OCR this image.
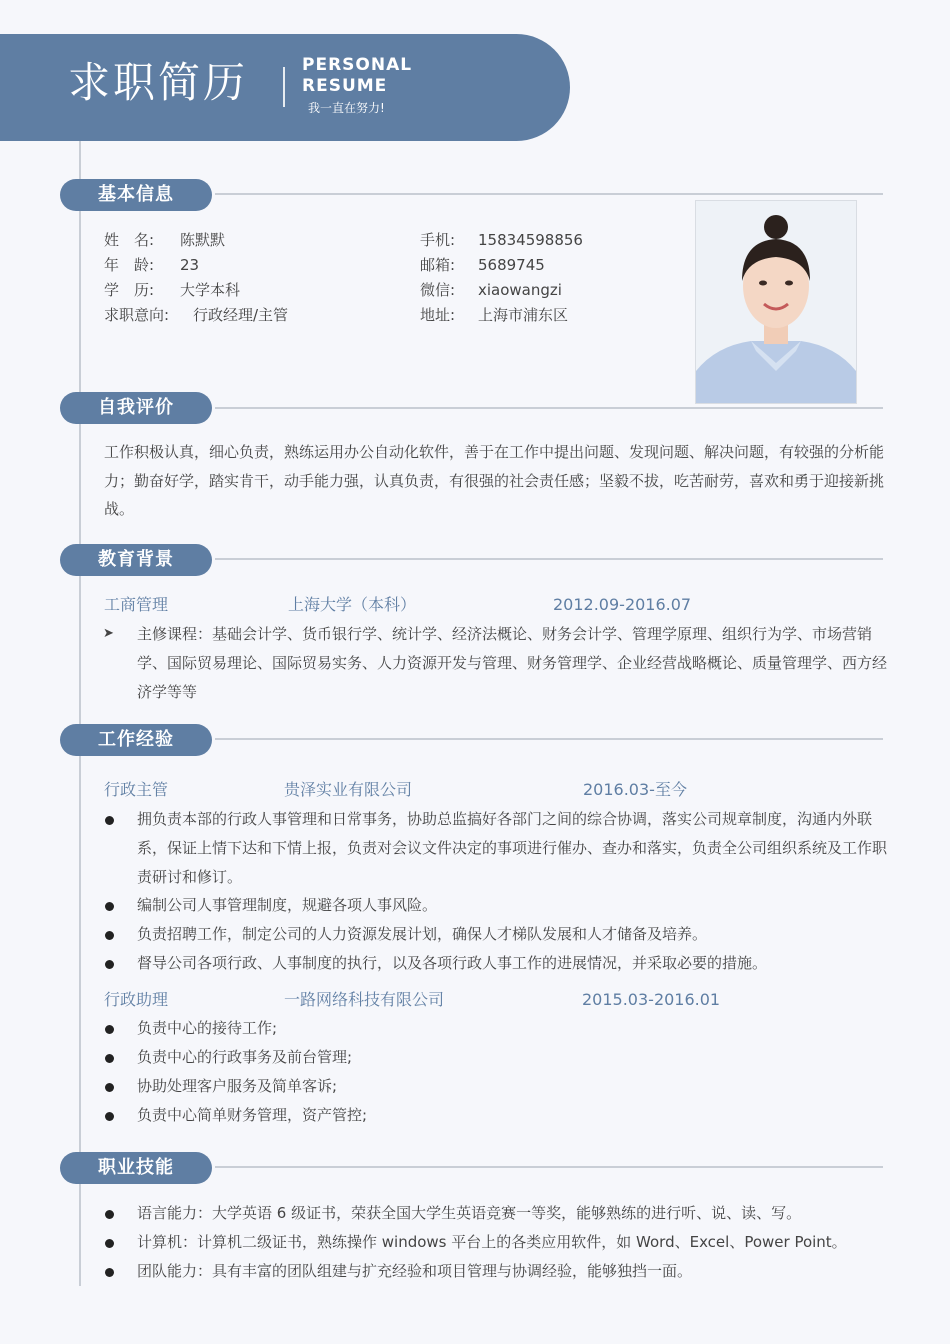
求职简历	PERSONAL
RESUME
我一直在努力!
基本信息
姓　名: 陈默默
年　龄: 23
学　历: 大学本科
求职意向: 行政经理/主管
手机: 15834598856
邮箱: 5689745
微信: xiaowangzi
地址: 上海市浦东区
自我评价
工作积极认真，细心负责，熟练运用办公自动化软件，善于在工作中提出问题、发现问题、解决问题，有较强的分析能力；勤奋好学，踏实肯干，动手能力强，认真负责，有很强的社会责任感；坚毅不拔，吃苦耐劳，喜欢和勇于迎接新挑战。
教育背景
工商管理	上海大学（本科）	2012.09-2016.07
➤ 主修课程：基础会计学、货币银行学、统计学、经济法概论、财务会计学、管理学原理、组织行为学、市场营销学、国际贸易理论、国际贸易实务、人力资源开发与管理、财务管理学、企业经营战略概论、质量管理学、西方经济学等等
工作经验
行政主管	贵泽实业有限公司	2016.03-至今
拥负责本部的行政人事管理和日常事务，协助总监搞好各部门之间的综合协调，落实公司规章制度，沟通内外联系，保证上情下达和下情上报，负责对会议文件决定的事项进行催办、查办和落实，负责全公司组织系统及工作职责研讨和修订。
编制公司人事管理制度，规避各项人事风险。
负责招聘工作，制定公司的人力资源发展计划，确保人才梯队发展和人才储备及培养。
督导公司各项行政、人事制度的执行，以及各项行政人事工作的进展情况，并采取必要的措施。
行政助理	一路网络科技有限公司	2015.03-2016.01
负责中心的接待工作;
负责中心的行政事务及前台管理;
协助处理客户服务及简单客诉;
负责中心简单财务管理，资产管控;
职业技能
语言能力：大学英语 6 级证书，荣获全国大学生英语竞赛一等奖，能够熟练的进行听、说、读、写。
计算机：计算机二级证书，熟练操作 windows 平台上的各类应用软件，如 Word、Excel、Power Point。
团队能力：具有丰富的团队组建与扩充经验和项目管理与协调经验，能够独挡一面。
